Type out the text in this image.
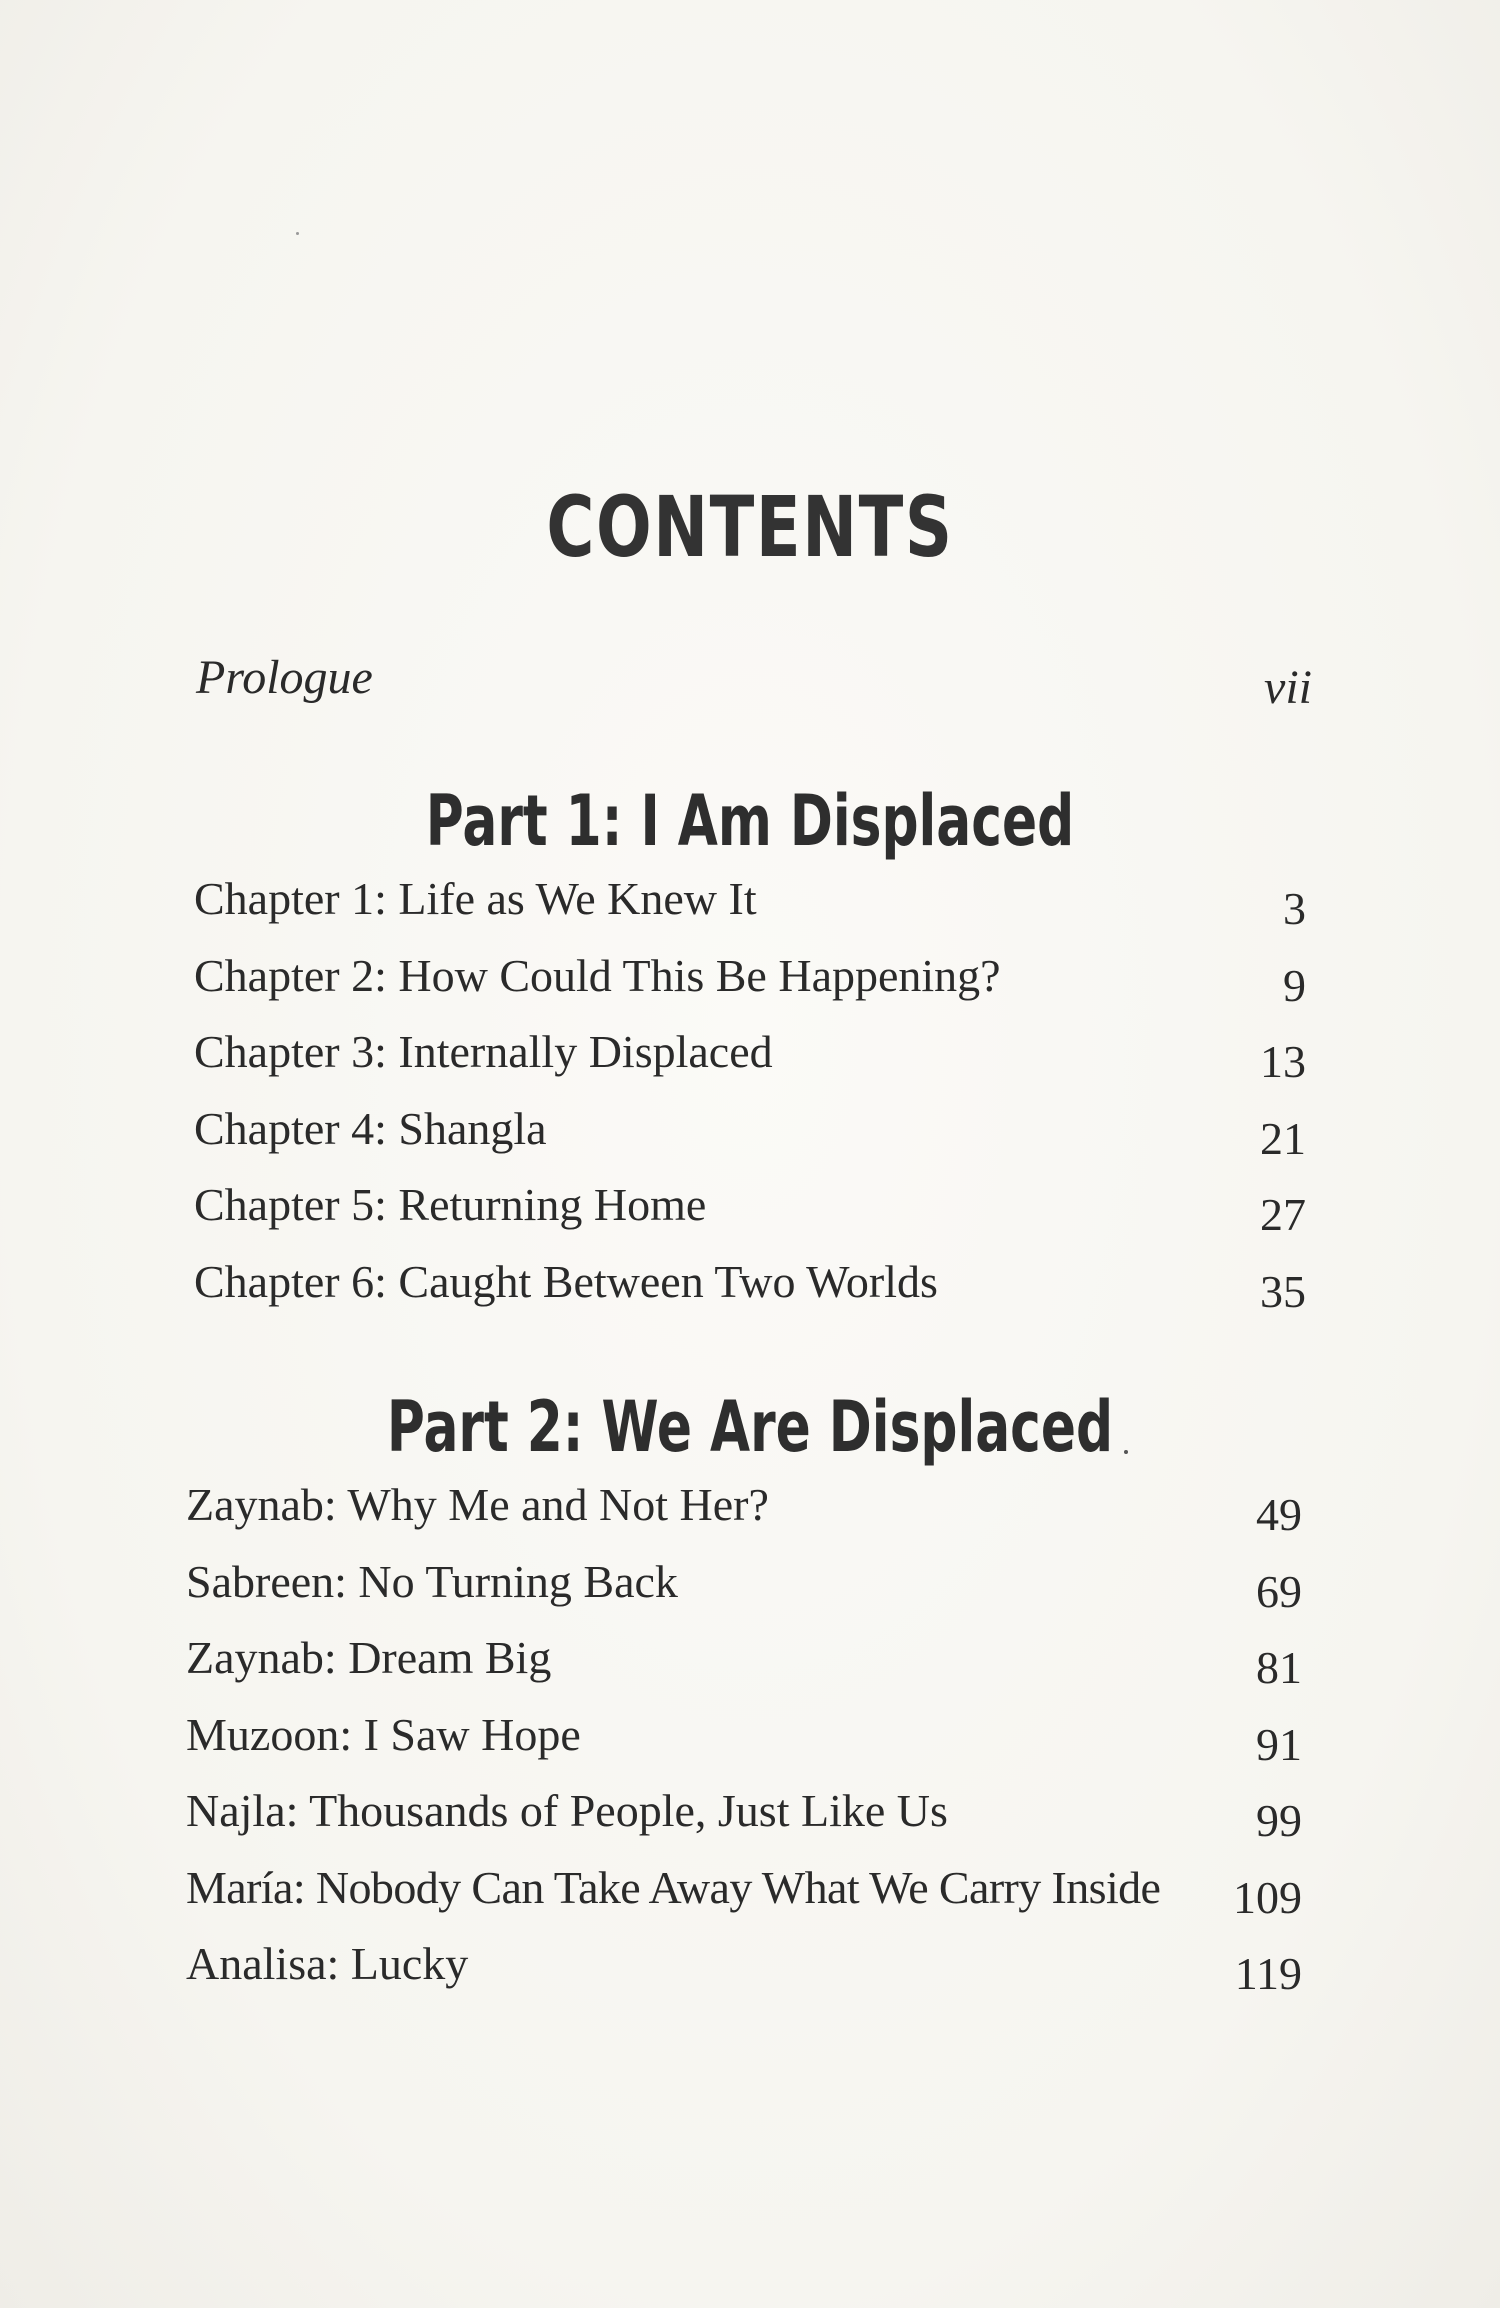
CONTENTS
Prologue	vii
Part 1: I Am Displaced
Chapter 1: Life as We Knew It	3
Chapter 2: How Could This Be Happening?	9
Chapter 3: Internally Displaced	13
Chapter 4: Shangla	21
Chapter 5: Returning Home	27
Chapter 6: Caught Between Two Worlds	35
Part 2: We Are Displaced
Zaynab: Why Me and Not Her?	49
Sabreen: No Turning Back	69
Zaynab: Dream Big	81
Muzoon: I Saw Hope	91
Najla: Thousands of People, Just Like Us	99
María: Nobody Can Take Away What We Carry Inside 109
Analisa: Lucky	119
